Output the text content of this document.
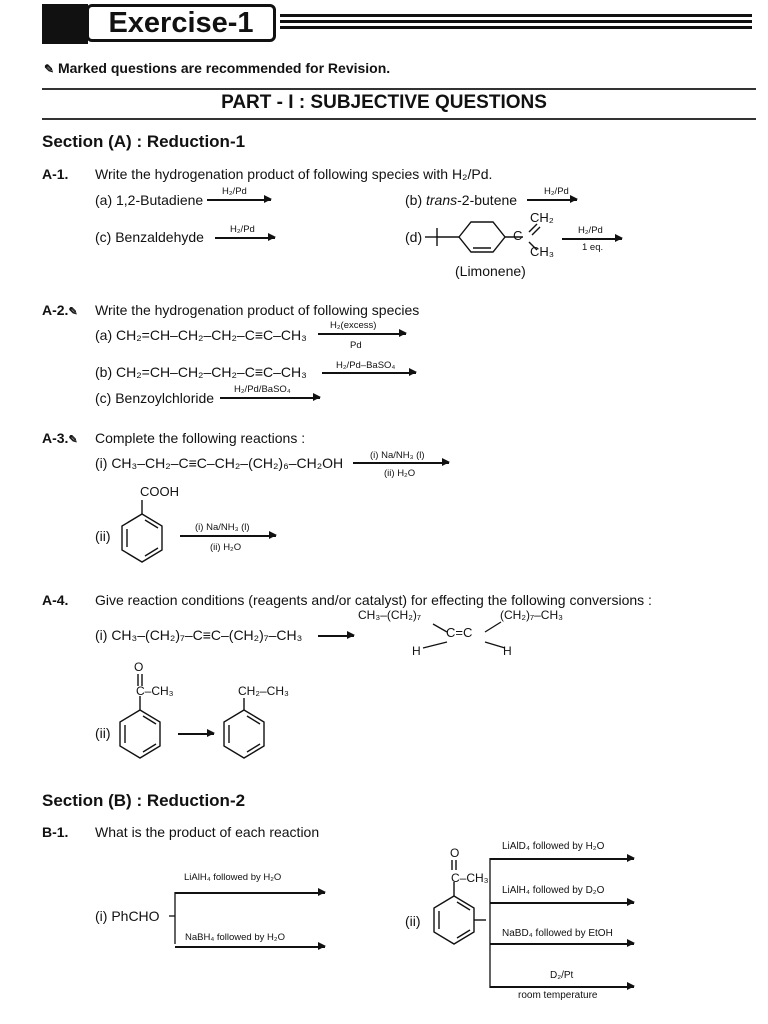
Exercise-1
✎ Marked questions are recommended for Revision.
PART - I : SUBJECTIVE QUESTIONS
Section (A) : Reduction-1
A-1. Write the hydrogenation product of following species with H₂/Pd.
(a) 1,2-Butadiene
H₂/Pd
(b) trans-2-butene
H₂/Pd
(c) Benzaldehyde	H₂/Pd	(d)	C
CH₂
CH₃
H₂/Pd
1 eq.
(Limonene)
A-2.✎ Write the hydrogenation product of following species
(a) CH₂=CH–CH₂–CH₂–C≡C–CH₃
H₂(excess)
Pd
(b) CH₂=CH–CH₂–CH₂–C≡C–CH₃	H₂/Pd–BaSO₄
(c) Benzoylchloride
H₂/Pd/BaSO₄
A-3.✎ Complete the following reactions :
(i) CH₃–CH₂–C≡C–CH₂–(CH₂)₆–CH₂OH	(i) Na/NH₃ (l)
(ii) H₂O
COOH
(ii)
(i) Na/NH₃ (l)
(ii) H₂O
A-4. Give reaction conditions (reagents and/or catalyst) for effecting the following conversions :
(i) CH₃–(CH₂)₇–C≡C–(CH₂)₇–CH₃ →
CH₃–(CH₂)₇	(CH₂)₇–CH₃
C=C
H	H
O
C–CH₃
(ii)
CH₂–CH₃
Section (B) : Reduction-2
B-1. What is the product of each reaction
(i) PhCHO
LiAlH₄ followed by H₂O
NaBH₄ followed by H₂O
(ii)
O
C–CH₃
LiAlD₄ followed by H₂O
LiAlH₄ followed by D₂O
NaBD₄ followed by EtOH
D₂/Pt
room temperature
